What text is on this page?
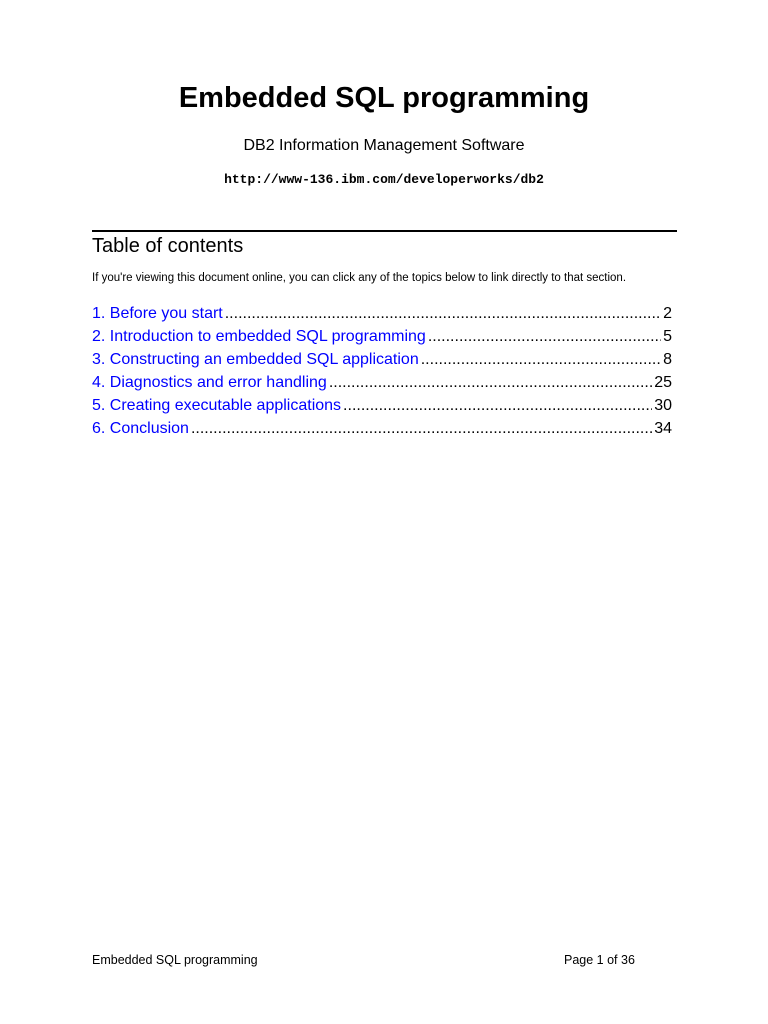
Embedded SQL programming
DB2 Information Management Software
http://www-136.ibm.com/developerworks/db2
Table of contents
If you're viewing this document online, you can click any of the topics below to link directly to that section.
1. Before you start .....	2
2. Introduction to embedded SQL programming .....	5
3. Constructing an embedded SQL application .....	8
4. Diagnostics and error handling .....	25
5. Creating executable applications .....	30
6. Conclusion .....	34
Embedded SQL programming	Page 1 of 36
